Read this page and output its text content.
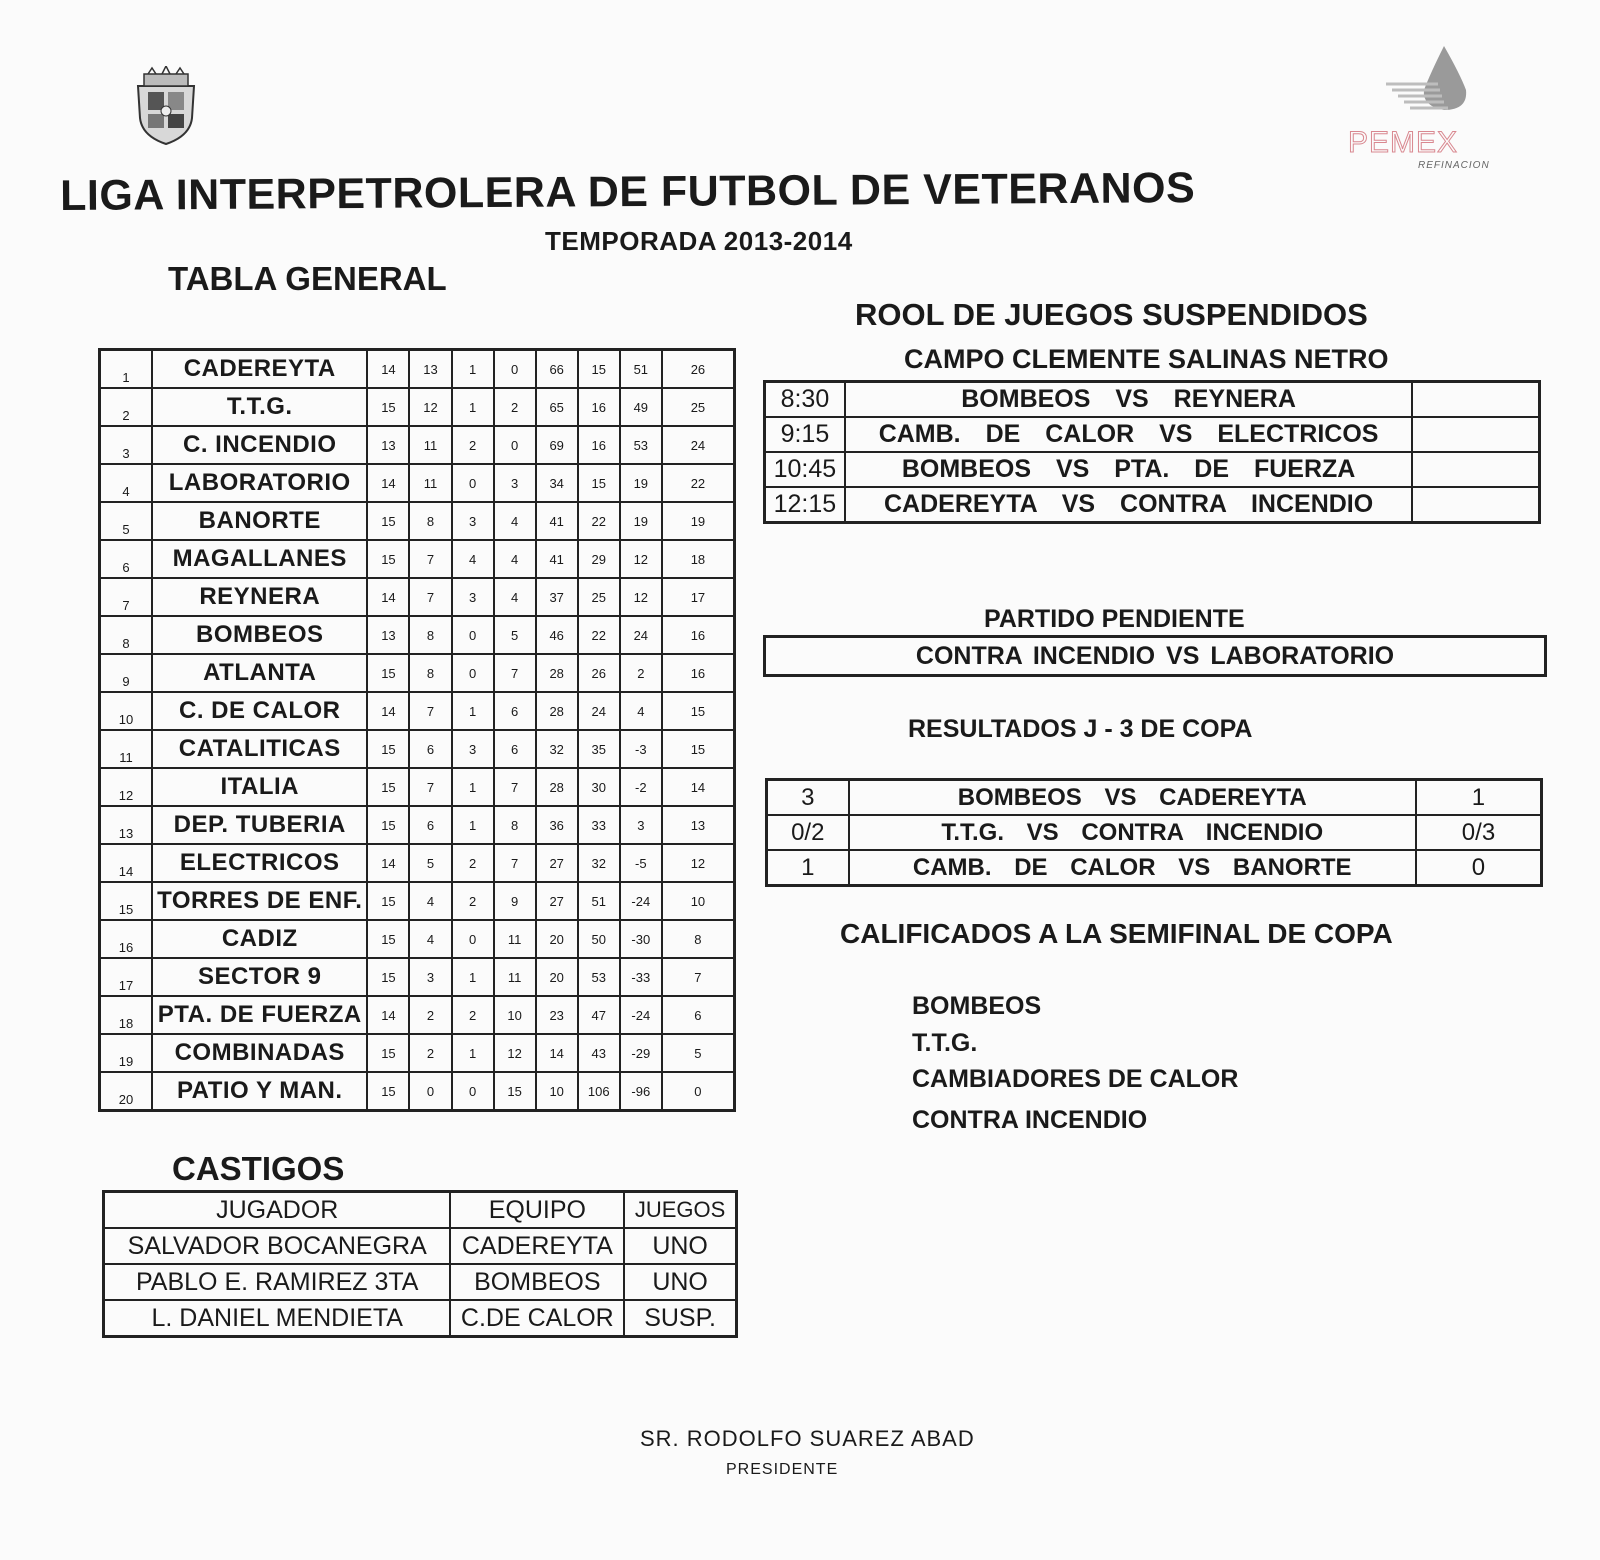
PEMEX
REFINACION
LIGA INTERPETROLERA DE FUTBOL DE VETERANOS
TEMPORADA 2013-2014
TABLA GENERAL
1	CADEREYTA	14	13	1	0	66	15	51	26
2	T.T.G.	15	12	1	2	65	16	49	25
3	C. INCENDIO	13	11	2	0	69	16	53	24
4	LABORATORIO	14	11	0	3	34	15	19	22
5	BANORTE	15	8	3	4	41	22	19	19
6	MAGALLANES	15	7	4	4	41	29	12	18
7	REYNERA	14	7	3	4	37	25	12	17
8	BOMBEOS	13	8	0	5	46	22	24	16
9	ATLANTA	15	8	0	7	28	26	2	16
10	C. DE CALOR	14	7	1	6	28	24	4	15
11	CATALITICAS	15	6	3	6	32	35	-3	15
12	ITALIA	15	7	1	7	28	30	-2	14
13	DEP. TUBERIA	15	6	1	8	36	33	3	13
14	ELECTRICOS	14	5	2	7	27	32	-5	12
15	TORRES DE ENF.	15	4	2	9	27	51	-24	10
16	CADIZ	15	4	0	11	20	50	-30	8
17	SECTOR 9	15	3	1	11	20	53	-33	7
18	PTA. DE FUERZA	14	2	2	10	23	47	-24	6
19	COMBINADAS	15	2	1	12	14	43	-29	5
20	PATIO Y MAN.	15	0	0	15	10	106	-96	0
ROOL DE JUEGOS SUSPENDIDOS
CAMPO CLEMENTE SALINAS NETRO
8:30	BOMBEOS VS REYNERA	
9:15	CAMB. DE CALOR VS ELECTRICOS	
10:45	BOMBEOS VS PTA. DE FUERZA	
12:15	CADEREYTA VS CONTRA INCENDIO	
PARTIDO PENDIENTE
CONTRA INCENDIO VS LABORATORIO
RESULTADOS J - 3 DE COPA
3	BOMBEOS VS CADEREYTA	1
0/2	T.T.G. VS CONTRA INCENDIO	0/3
1	CAMB. DE CALOR VS BANORTE	0
CALIFICADOS A LA SEMIFINAL DE COPA
BOMBEOS
T.T.G.
CAMBIADORES DE CALOR
CONTRA INCENDIO
CASTIGOS
JUGADOR	EQUIPO	JUEGOS
SALVADOR BOCANEGRA	CADEREYTA	UNO
PABLO E. RAMIREZ 3TA	BOMBEOS	UNO
L. DANIEL MENDIETA	C.DE CALOR	SUSP.
SR. RODOLFO SUAREZ ABAD
PRESIDENTE
